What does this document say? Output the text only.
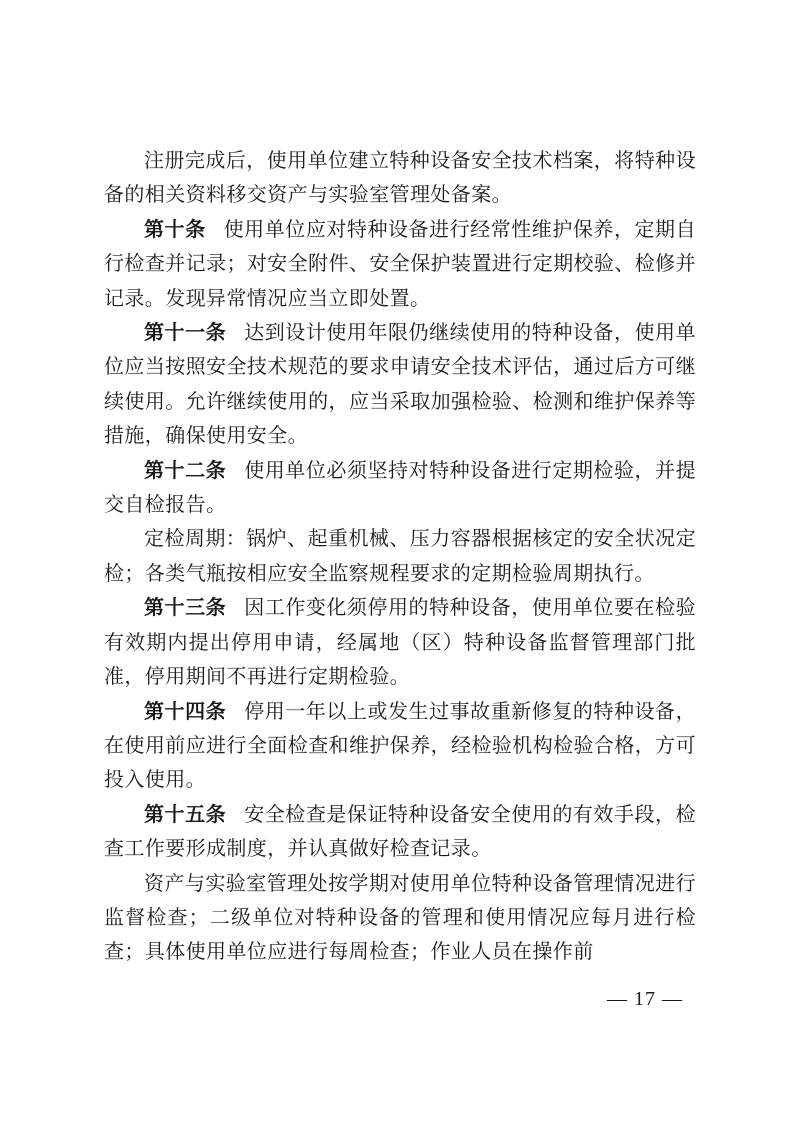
注册完成后，使用单位建立特种设备安全技术档案，将特种设备的相关资料移交资产与实验室管理处备案。

第十条 使用单位应对特种设备进行经常性维护保养，定期自行检查并记录；对安全附件、安全保护装置进行定期校验、检修并记录。发现异常情况应当立即处置。

第十一条 达到设计使用年限仍继续使用的特种设备，使用单位应当按照安全技术规范的要求申请安全技术评估，通过后方可继续使用。允许继续使用的，应当采取加强检验、检测和维护保养等措施，确保使用安全。

第十二条 使用单位必须坚持对特种设备进行定期检验，并提交自检报告。

定检周期：锅炉、起重机械、压力容器根据核定的安全状况定检；各类气瓶按相应安全监察规程要求的定期检验周期执行。

第十三条 因工作变化须停用的特种设备，使用单位要在检验有效期内提出停用申请，经属地（区）特种设备监督管理部门批准，停用期间不再进行定期检验。

第十四条 停用一年以上或发生过事故重新修复的特种设备，在使用前应进行全面检查和维护保养，经检验机构检验合格，方可投入使用。

第十五条 安全检查是保证特种设备安全使用的有效手段，检查工作要形成制度，并认真做好检查记录。

资产与实验室管理处按学期对使用单位特种设备管理情况进行监督检查；二级单位对特种设备的管理和使用情况应每月进行检查；具体使用单位应进行每周检查；作业人员在操作前

— 17 —
